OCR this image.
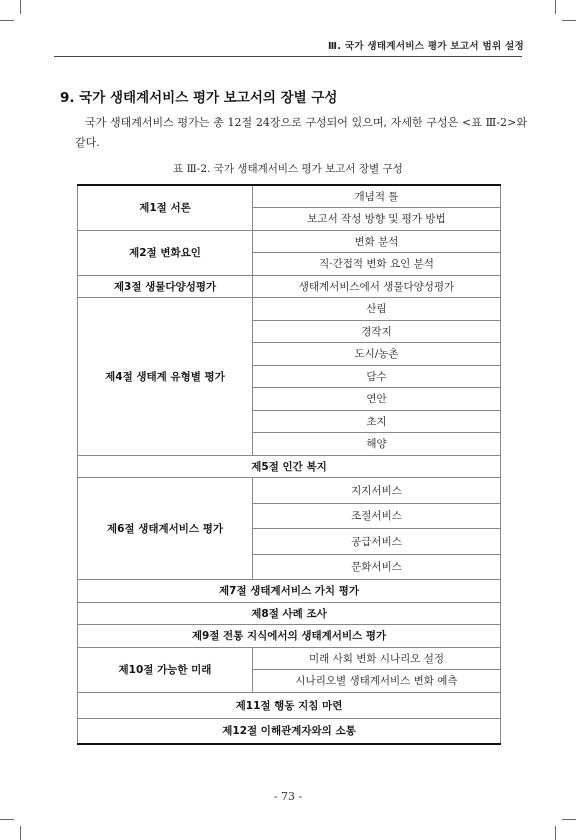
Ⅲ. 국가 생태계서비스 평가 보고서 범위 설정
9. 국가 생태계서비스 평가 보고서의 장별 구성
국가 생태계서비스 평가는 총 12절 24장으로 구성되어 있으며, 자세한 구성은 <표 Ⅲ-2>와 같다.
표 Ⅲ-2. 국가 생태계서비스 평가 보고서 장별 구성
제1절 서론	개념적 틀
	보고서 작성 방향 및 평가 방법
제2절 변화요인	변화 분석
	직·간접적 변화 요인 분석
제3절 생물다양성평가	생태계서비스에서 생물다양성평가
제4절 생태계 유형별 평가	산림
	경작지
	도시/농촌
	담수
	연안
	초지
	해양
제5절 인간 복지	
제6절 생태계서비스 평가	지지서비스
	조절서비스
	공급서비스
	문화서비스
제7절 생태계서비스 가치 평가	
제8절 사례 조사	
제9절 전통 지식에서의 생태계서비스 평가	
제10절 가능한 미래	미래 사회 변화 시나리오 설정
	시나리오별 생태계서비스 변화 예측
제11절 행동 지침 마련	
제12절 이해관계자와의 소통	
- 73 -
